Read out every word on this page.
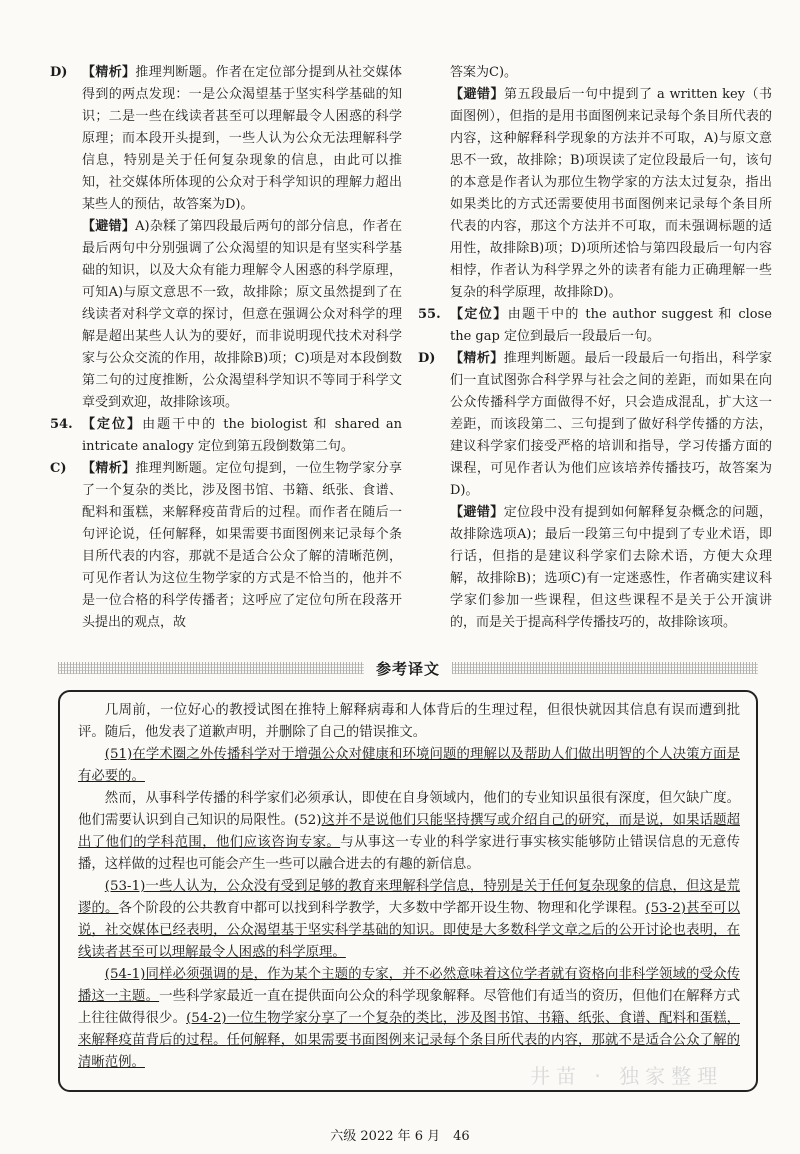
D)	【精析】推理判断题。作者在定位部分提到从社交媒体得到的两点发现：一是公众渴望基于坚实科学基础的知识；二是一些在线读者甚至可以理解最令人困惑的科学原理；而本段开头提到，一些人认为公众无法理解科学信息，特别是关于任何复杂现象的信息，由此可以推知，社交媒体所体现的公众对于科学知识的理解力超出某些人的预估，故答案为D)。

【避错】A)杂糅了第四段最后两句的部分信息，作者在最后两句中分别强调了公众渴望的知识是有坚实科学基础的知识，以及大众有能力理解令人困惑的科学原理，可知A)与原文意思不一致，故排除；原文虽然提到了在线读者对科学文章的探讨，但意在强调公众对科学的理解是超出某些人认为的要好，而非说明现代技术对科学家与公众交流的作用，故排除B)项；C)项是对本段倒数第二句的过度推断，公众渴望科学知识不等同于科学文章受到欢迎，故排除该项。

54. 【定位】由题干中的 the biologist 和 shared an intricate analogy 定位到第五段倒数第二句。

C)	【精析】推理判断题。定位句提到，一位生物学家分享了一个复杂的类比，涉及图书馆、书籍、纸张、食谱、配料和蛋糕，来解释疫苗背后的过程。而作者在随后一句评论说，任何解释，如果需要书面图例来记录每个条目所代表的内容，那就不是适合公众了解的清晰范例，可见作者认为这位生物学家的方式是不恰当的，他并不是一位合格的科学传播者；这呼应了定位句所在段落开头提出的观点，故

答案为C)。

【避错】第五段最后一句中提到了 a written key（书面图例），但指的是用书面图例来记录每个条目所代表的内容，这种解释科学现象的方法并不可取，A)与原文意思不一致，故排除；B)项误读了定位段最后一句，该句的本意是作者认为那位生物学家的方法太过复杂，指出如果类比的方式还需要使用书面图例来记录每个条目所代表的内容，那这个方法并不可取，而未强调标题的适用性，故排除B)项；D)项所述恰与第四段最后一句内容相悖，作者认为科学界之外的读者有能力正确理解一些复杂的科学原理，故排除D)。

55. 【定位】由题干中的 the author suggest 和 close the gap 定位到最后一段最后一句。

D)	【精析】推理判断题。最后一段最后一句指出，科学家们一直试图弥合科学界与社会之间的差距，而如果在向公众传播科学方面做得不好，只会造成混乱，扩大这一差距，而该段第二、三句提到了做好科学传播的方法，建议科学家们接受严格的培训和指导，学习传播方面的课程，可见作者认为他们应该培养传播技巧，故答案为D)。

【避错】定位段中没有提到如何解释复杂概念的问题，故排除选项A)；最后一段第三句中提到了专业术语，即行话，但指的是建议科学家们去除术语，方便大众理解，故排除B)；选项C)有一定迷惑性，作者确实建议科学家们参加一些课程，但这些课程不是关于公开演讲的，而是关于提高科学传播技巧的，故排除该项。

参考译文

几周前，一位好心的教授试图在推特上解释病毒和人体背后的生理过程，但很快就因其信息有误而遭到批评。随后，他发表了道歉声明，并删除了自己的错误推文。

(51)在学术圈之外传播科学对于增强公众对健康和环境问题的理解以及帮助人们做出明智的个人决策方面是有必要的。

然而，从事科学传播的科学家们必须承认，即使在自身领域内，他们的专业知识虽很有深度，但欠缺广度。他们需要认识到自己知识的局限性。(52)这并不是说他们只能坚持撰写或介绍自己的研究，而是说，如果话题超出了他们的学科范围，他们应该咨询专家。与从事这一专业的科学家进行事实核实能够防止错误信息的无意传播，这样做的过程也可能会产生一些可以融合进去的有趣的新信息。

(53-1)一些人认为，公众没有受到足够的教育来理解科学信息，特别是关于任何复杂现象的信息，但这是荒谬的。各个阶段的公共教育中都可以找到科学教学，大多数中学都开设生物、物理和化学课程。(53-2)甚至可以说，社交媒体已经表明，公众渴望基于坚实科学基础的知识。即使是大多数科学文章之后的公开讨论也表明，在线读者甚至可以理解最令人困惑的科学原理。

(54-1)同样必须强调的是，作为某个主题的专家，并不必然意味着这位学者就有资格向非科学领域的受众传播这一主题。一些科学家最近一直在提供面向公众的科学现象解释。尽管他们有适当的资历，但他们在解释方式上往往做得很少。(54-2)一位生物学家分享了一个复杂的类比，涉及图书馆、书籍、纸张、食谱、配料和蛋糕，来解释疫苗背后的过程。任何解释，如果需要书面图例来记录每个条目所代表的内容，那就不是适合公众了解的清晰范例。

井苗 · 独家整理
六级 2022 年 6 月　46
